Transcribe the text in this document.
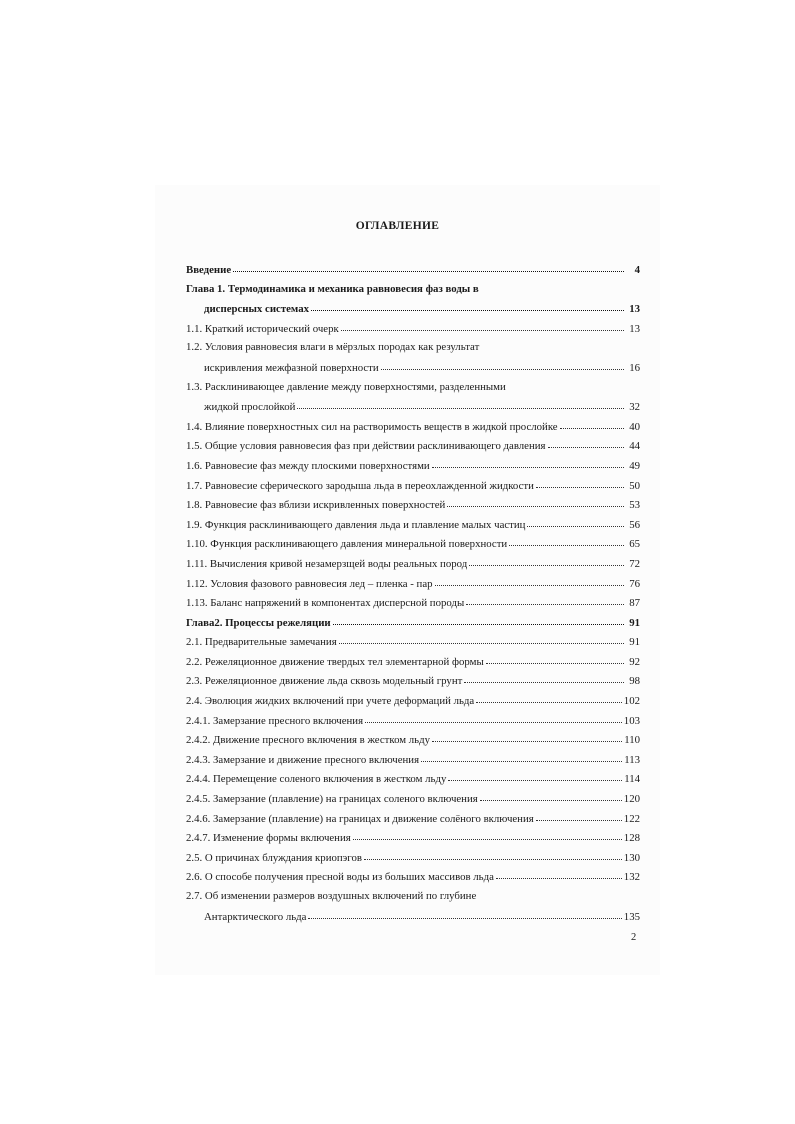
ОГЛАВЛЕНИЕ
Введение	4
Глава 1. Термодинамика и механика равновесия фаз воды в
дисперсных системах	13
1.1. Краткий исторический очерк	13
1.2. Условия равновесия влаги в мёрзлых породах как результат
искривления межфазной поверхности	16
1.3. Расклинивающее давление между поверхностями, разделенными
жидкой прослойкой	32
1.4. Влияние поверхностных сил на растворимость веществ в жидкой прослойке	40
1.5. Общие условия равновесия фаз при действии расклинивающего давления	44
1.6. Равновесие фаз между плоскими поверхностями	49
1.7. Равновесие сферического зародыша льда в переохлажденной жидкости	50
1.8. Равновесие фаз вблизи искривленных поверхностей	53
1.9. Функция расклинивающего давления льда и плавление малых частиц	56
1.10. Функция расклинивающего давления минеральной поверхности	65
1.11. Вычисления кривой незамерзщей воды реальных пород	72
1.12. Условия фазового равновесия лед – пленка - пар	76
1.13. Баланс напряжений в компонентах дисперсной породы	87
Глава2. Процессы режеляции	91
2.1. Предварительные замечания	91
2.2. Режеляционное движение твердых тел элементарной формы	92
2.3. Режеляционное движение льда сквозь модельный грунт	98
2.4. Эволюция жидких включений при учете деформаций льда	102
2.4.1. Замерзание пресного включения	103
2.4.2. Движение пресного включения в жестком льду	110
2.4.3. Замерзание и движение пресного включения	113
2.4.4. Перемещение соленого включения в жестком льду	114
2.4.5. Замерзание (плавление) на границах соленого включения	120
2.4.6. Замерзание (плавление) на границах и движение солёного включения	122
2.4.7. Изменение формы включения	128
2.5. О причинах блуждания криопэгов	130
2.6. О способе получения пресной воды из больших массивов льда	132
2.7. Об изменении размеров воздушных включений по глубине
Антарктического льда	135
2
